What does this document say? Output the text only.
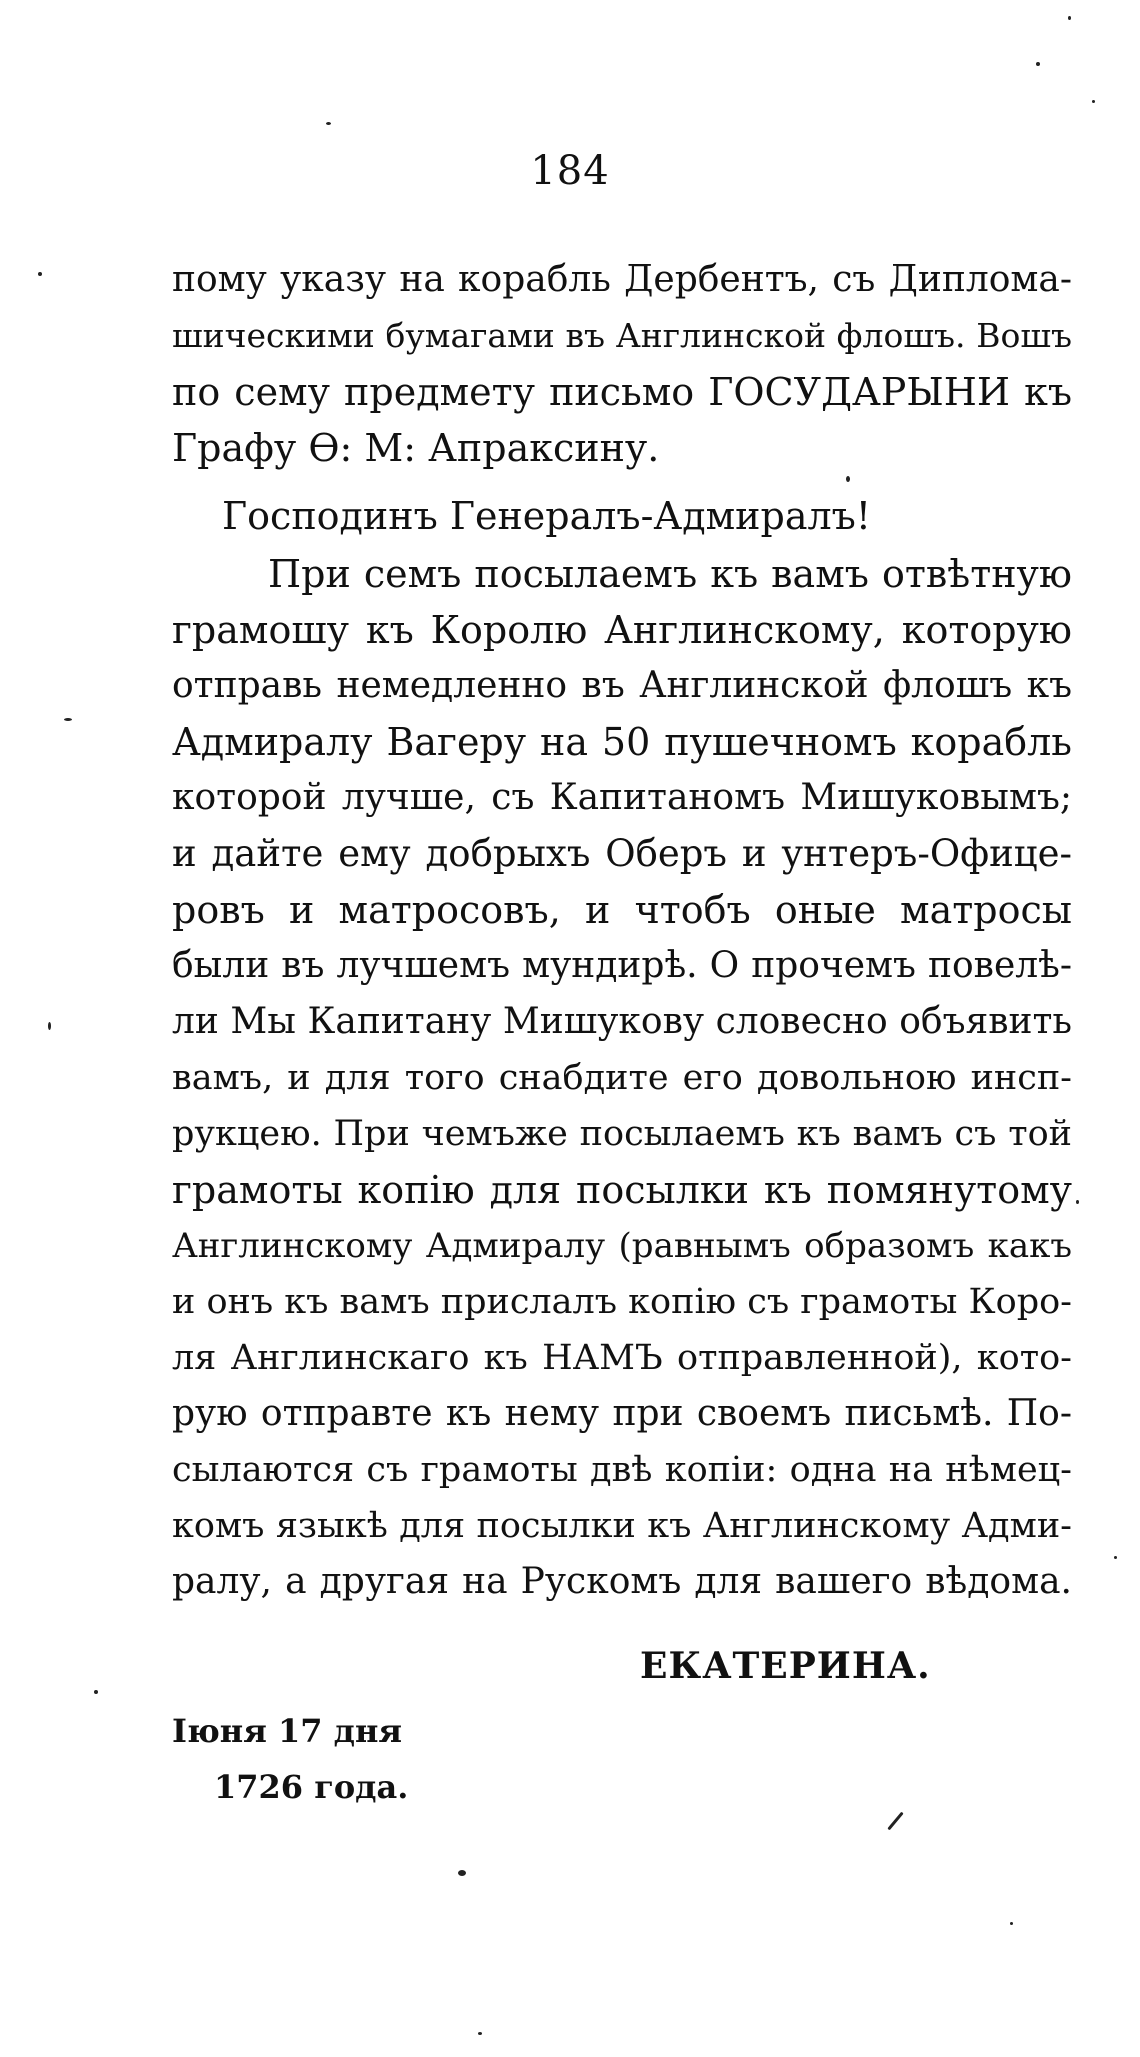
184
пому указу на корабль Дербентъ, съ Диплома-
шическими бумагами въ Англинской флошъ. Вошъ
по сему предмету письмо ГОСУДАРЫНИ къ
Графу Ѳ: М: Апраксину.
Господинъ Генералъ-Адмиралъ!
При семъ посылаемъ къ вамъ отвѣтную
грамошу къ Королю Англинскому, которую
отправь немедленно въ Англинской флошъ къ
Адмиралу Вагеру на 50 пушечномъ корабль
которой лучше, съ Капитаномъ Мишуковымъ;
и дайте ему добрыхъ Оберъ и унтеръ-Офице-
ровъ и матросовъ, и чтобъ оные матросы
были въ лучшемъ мундирѣ. О прочемъ повелѣ-
ли Мы Капитану Мишукову словесно объявить
вамъ, и для того снабдите его довольною инсп-
рукцею. При чемъже посылаемъ къ вамъ съ той
грамоты копію для посылки къ помянутому
Англинскому Адмиралу (равнымъ образомъ какъ
и онъ къ вамъ прислалъ копію съ грамоты Коро-
ля Англинскаго къ НАМЪ отправленной), кото-
рую отправте къ нему при своемъ письмѣ. По-
сылаются съ грамоты двѣ копіи: одна на нѣмец-
комъ языкѣ для посылки къ Англинскому Адми-
ралу, а другая на Рускомъ для вашего вѣдома.
ЕКАТЕРИНА.
Іюня 17 дня
1726 года.
